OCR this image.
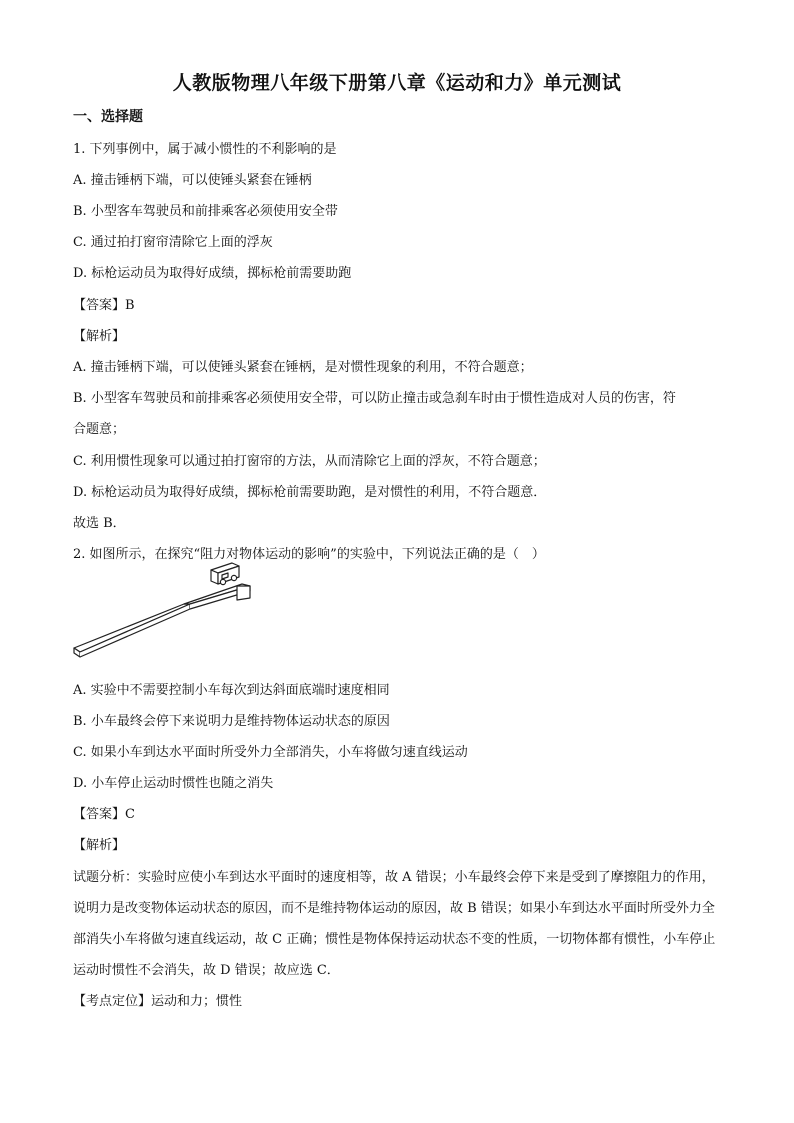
人教版物理八年级下册第八章《运动和力》单元测试
一、选择题
1. 下列事例中，属于减小惯性的不利影响的是
A. 撞击锤柄下端，可以使锤头紧套在锤柄
B. 小型客车驾驶员和前排乘客必须使用安全带
C. 通过拍打窗帘清除它上面的浮灰
D. 标枪运动员为取得好成绩，掷标枪前需要助跑
【答案】B
【解析】
A. 撞击锤柄下端，可以使锤头紧套在锤柄，是对惯性现象的利用，不符合题意；
B. 小型客车驾驶员和前排乘客必须使用安全带，可以防止撞击或急刹车时由于惯性造成对人员的伤害，符
合题意；
C. 利用惯性现象可以通过拍打窗帘的方法，从而清除它上面的浮灰，不符合题意；
D. 标枪运动员为取得好成绩，掷标枪前需要助跑，是对惯性的利用，不符合题意．
故选 B．
2. 如图所示，在探究“阻力对物体运动的影响”的实验中，下列说法正确的是（　）
A. 实验中不需要控制小车每次到达斜面底端时速度相同
B. 小车最终会停下来说明力是维持物体运动状态的原因
C. 如果小车到达水平面时所受外力全部消失，小车将做匀速直线运动
D. 小车停止运动时惯性也随之消失
【答案】C
【解析】
试题分析：实验时应使小车到达水平面时的速度相等，故 A 错误；小车最终会停下来是受到了摩擦阻力的作用，说明力是改变物体运动状态的原因，而不是维持物体运动的原因，故 B 错误；如果小车到达水平面时所受外力全部消失小车将做匀速直线运动，故 C 正确；惯性是物体保持运动状态不变的性质，一切物体都有惯性，小车停止运动时惯性不会消失，故 D 错误；故应选 C．
【考点定位】运动和力；惯性
